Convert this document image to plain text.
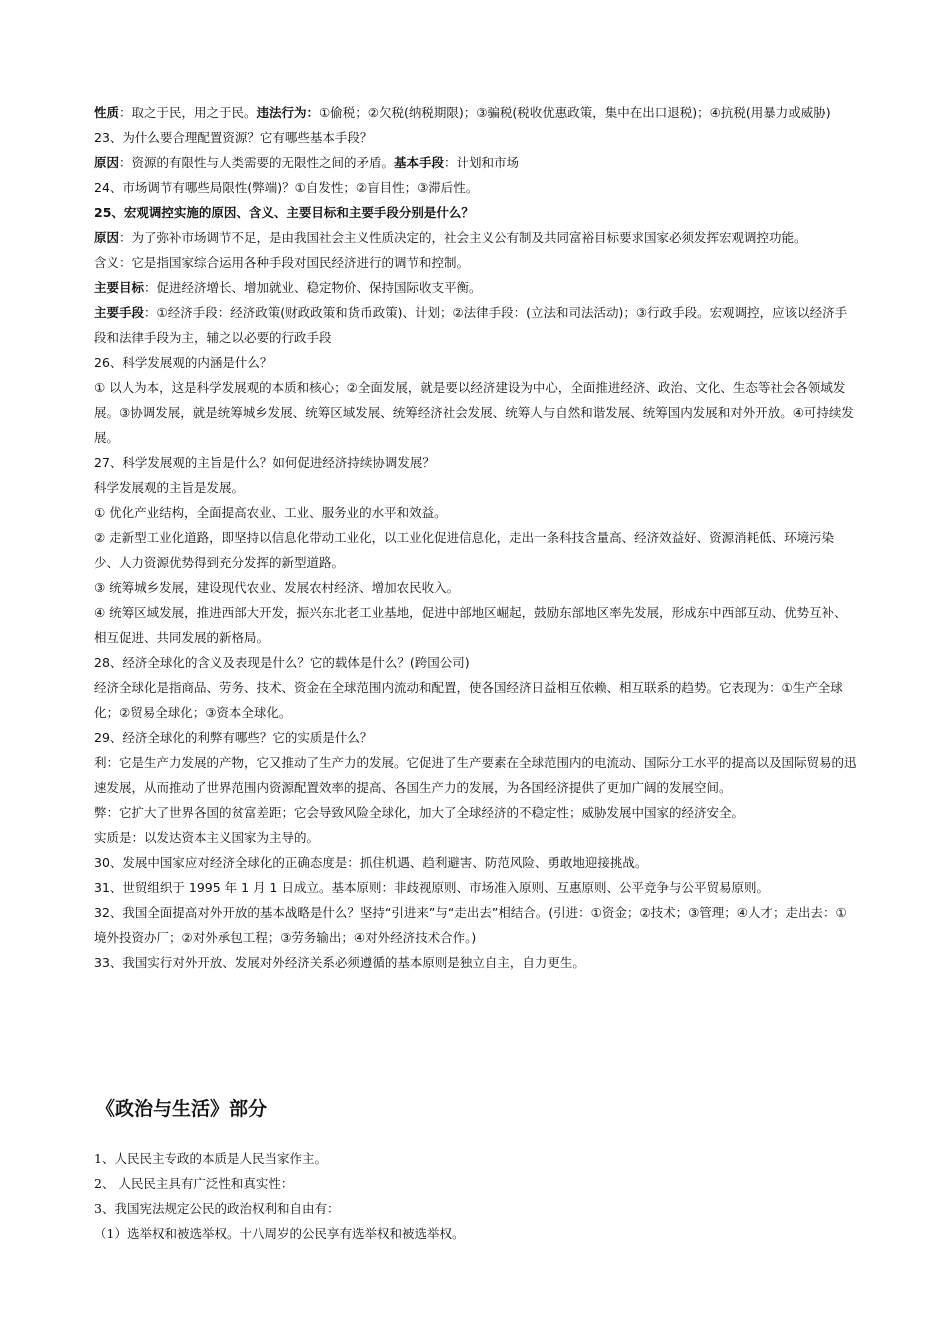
性质：取之于民，用之于民。违法行为：①偷税；②欠税(纳税期限)；③骗税(税收优惠政策，集中在出口退税)；④抗税(用暴力或威胁)

23、为什么要合理配置资源？它有哪些基本手段？

原因：资源的有限性与人类需要的无限性之间的矛盾。基本手段：计划和市场

24、市场调节有哪些局限性(弊端)？①自发性；②盲目性；③滞后性。

25、宏观调控实施的原因、含义、主要目标和主要手段分别是什么？

原因：为了弥补市场调节不足，是由我国社会主义性质决定的，社会主义公有制及共同富裕目标要求国家必须发挥宏观调控功能。

含义：它是指国家综合运用各种手段对国民经济进行的调节和控制。

主要目标：促进经济增长、增加就业、稳定物价、保持国际收支平衡。

主要手段：①经济手段：经济政策(财政政策和货币政策)、计划；②法律手段：(立法和司法活动)；③行政手段。宏观调控，应该以经济手段和法律手段为主，辅之以必要的行政手段

26、科学发展观的内涵是什么？

① 以人为本，这是科学发展观的本质和核心；②全面发展，就是要以经济建设为中心，全面推进经济、政治、文化、生态等社会各领域发展。③协调发展，就是统筹城乡发展、统筹区域发展、统筹经济社会发展、统筹人与自然和谐发展、统筹国内发展和对外开放。④可持续发展。

27、科学发展观的主旨是什么？如何促进经济持续协调发展？

科学发展观的主旨是发展。

① 优化产业结构，全面提高农业、工业、服务业的水平和效益。

② 走新型工业化道路，即坚持以信息化带动工业化，以工业化促进信息化，走出一条科技含量高、经济效益好、资源消耗低、环境污染少、人力资源优势得到充分发挥的新型道路。

③ 统筹城乡发展，建设现代农业、发展农村经济、增加农民收入。

④ 统筹区域发展，推进西部大开发，振兴东北老工业基地，促进中部地区崛起，鼓励东部地区率先发展，形成东中西部互动、优势互补、相互促进、共同发展的新格局。

28、经济全球化的含义及表现是什么？它的载体是什么？(跨国公司)

经济全球化是指商品、劳务、技术、资金在全球范围内流动和配置，使各国经济日益相互依赖、相互联系的趋势。它表现为：①生产全球化；②贸易全球化；③资本全球化。

29、经济全球化的利弊有哪些？它的实质是什么？

利：它是生产力发展的产物，它又推动了生产力的发展。它促进了生产要素在全球范围内的电流动、国际分工水平的提高以及国际贸易的迅速发展，从而推动了世界范围内资源配置效率的提高、各国生产力的发展，为各国经济提供了更加广阔的发展空间。

弊：它扩大了世界各国的贫富差距；它会导致风险全球化，加大了全球经济的不稳定性；威胁发展中国家的经济安全。

实质是：以发达资本主义国家为主导的。

30、发展中国家应对经济全球化的正确态度是：抓住机遇、趋利避害、防范风险、勇敢地迎接挑战。

31、世贸组织于 1995 年 1 月 1 日成立。基本原则：非歧视原则、市场准入原则、互惠原则、公平竞争与公平贸易原则。

32、我国全面提高对外开放的基本战略是什么？坚持“引进来”与“走出去”相结合。(引进：①资金；②技术；③管理；④人才；走出去：①境外投资办厂；②对外承包工程；③劳务输出；④对外经济技术合作。)

33、我国实行对外开放、发展对外经济关系必须遵循的基本原则是独立自主，自力更生。

《政治与生活》部分

1、人民民主专政的本质是人民当家作主。

2、 人民民主具有广泛性和真实性：

3、我国宪法规定公民的政治权利和自由有：

（1）选举权和被选举权。十八周岁的公民享有选举权和被选举权。
